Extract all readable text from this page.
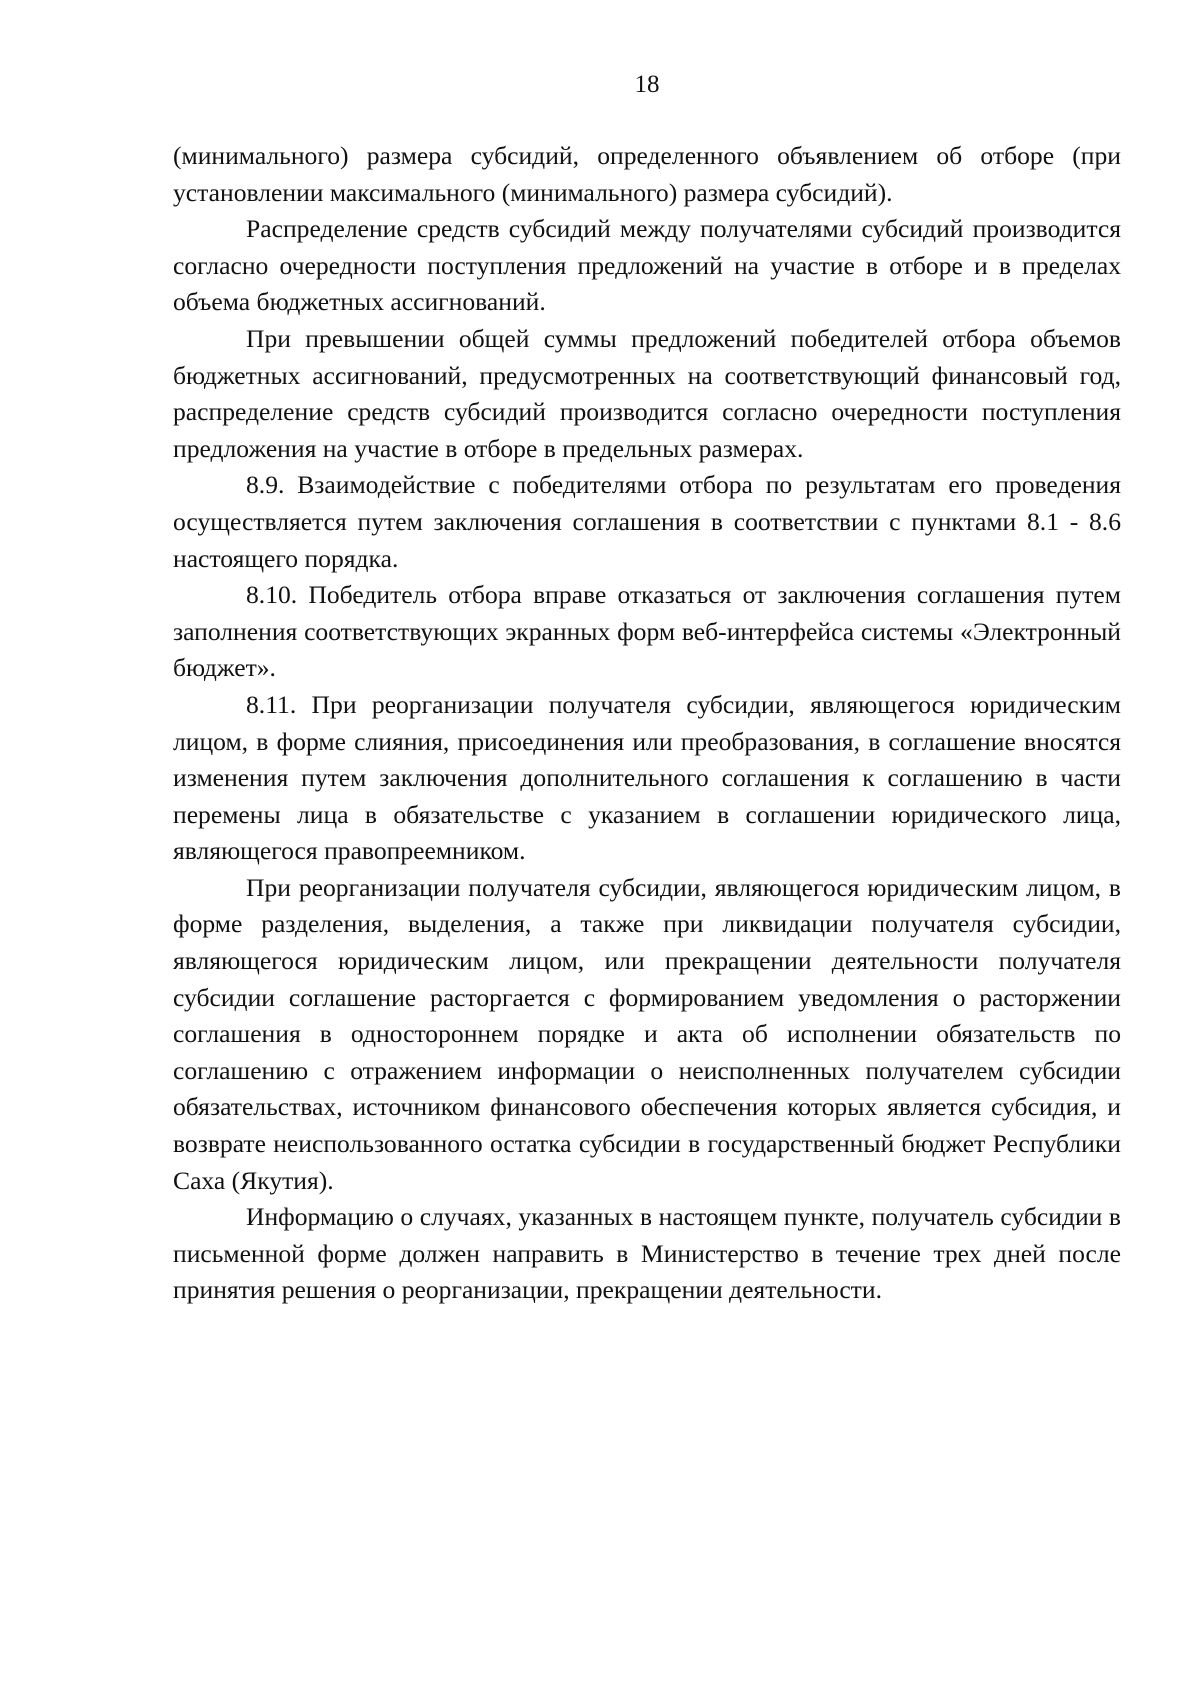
18

(минимального) размера субсидий, определенного объявлением об отборе (при установлении максимального (минимального) размера субсидий).

Распределение средств субсидий между получателями субсидий производится согласно очередности поступления предложений на участие в отборе и в пределах объема бюджетных ассигнований.

При превышении общей суммы предложений победителей отбора объемов бюджетных ассигнований, предусмотренных на соответствующий финансовый год, распределение средств субсидий производится согласно очередности поступления предложения на участие в отборе в предельных размерах.

8.9. Взаимодействие с победителями отбора по результатам его проведения осуществляется путем заключения соглашения в соответствии с пунктами 8.1 - 8.6 настоящего порядка.

8.10. Победитель отбора вправе отказаться от заключения соглашения путем заполнения соответствующих экранных форм веб-интерфейса системы «Электронный бюджет».

8.11. При реорганизации получателя субсидии, являющегося юридическим лицом, в форме слияния, присоединения или преобразования, в соглашение вносятся изменения путем заключения дополнительного соглашения к соглашению в части перемены лица в обязательстве с указанием в соглашении юридического лица, являющегося правопреемником.

При реорганизации получателя субсидии, являющегося юридическим лицом, в форме разделения, выделения, а также при ликвидации получателя субсидии, являющегося юридическим лицом, или прекращении деятельности получателя субсидии соглашение расторгается с формированием уведомления о расторжении соглашения в одностороннем порядке и акта об исполнении обязательств по соглашению с отражением информации о неисполненных получателем субсидии обязательствах, источником финансового обеспечения которых является субсидия, и возврате неиспользованного остатка субсидии в государственный бюджет Республики Саха (Якутия).

Информацию о случаях, указанных в настоящем пункте, получатель субсидии в письменной форме должен направить в Министерство в течение трех дней после принятия решения о реорганизации, прекращении деятельности.
